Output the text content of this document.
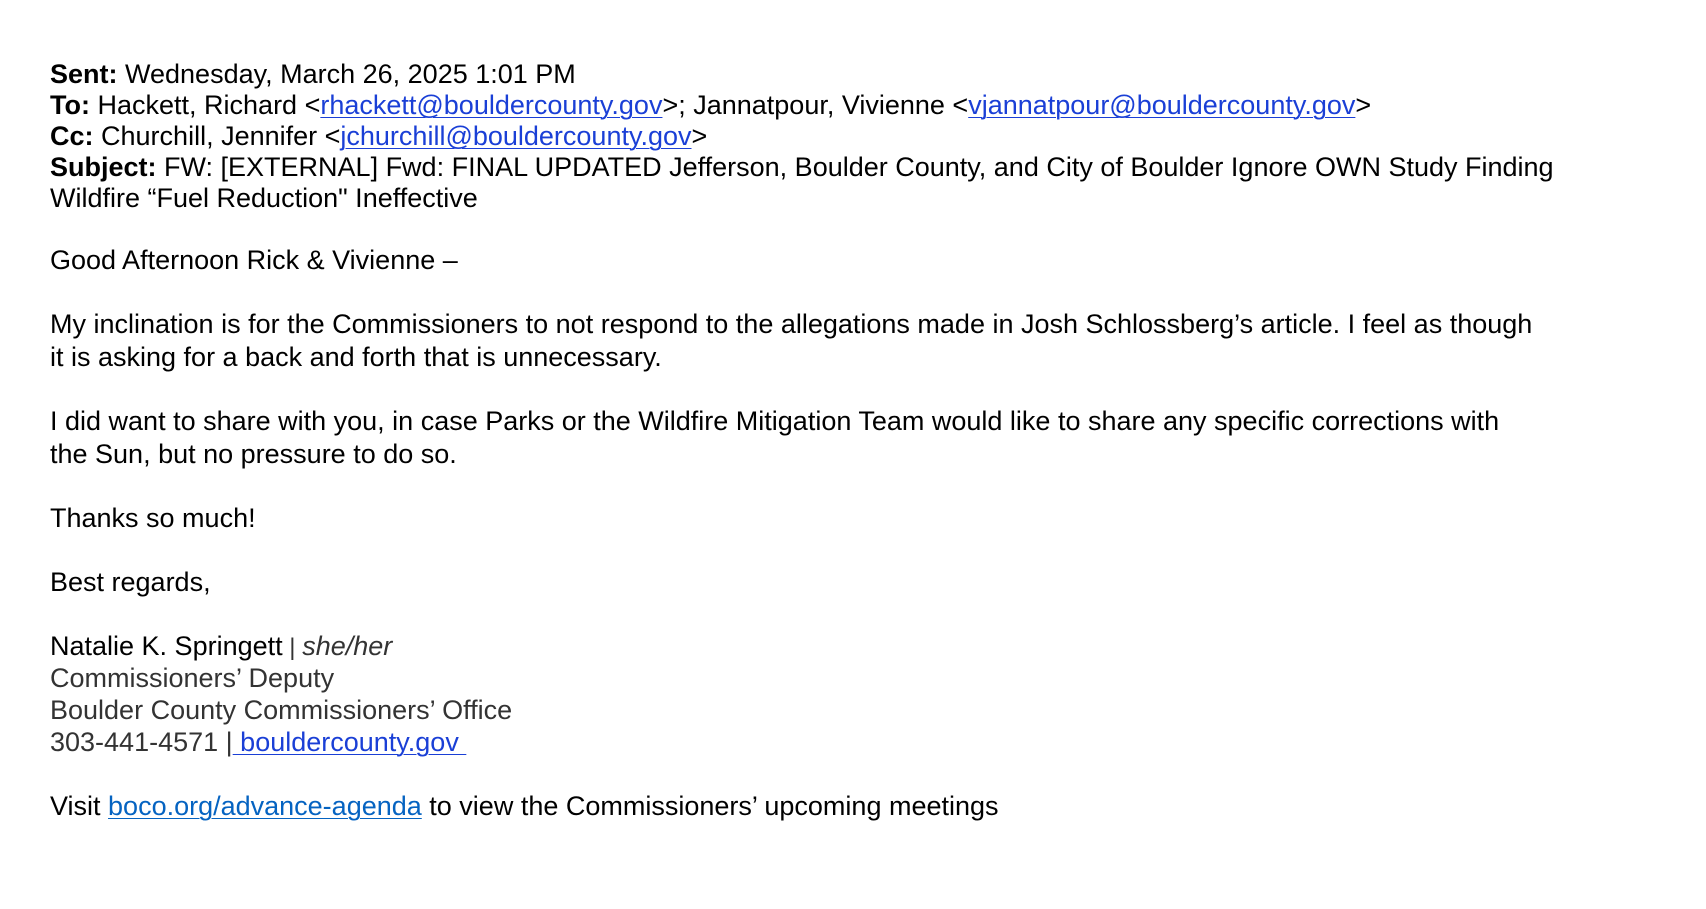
Sent: Wednesday, March 26, 2025 1:01 PM
To: Hackett, Richard <rhackett@bouldercounty.gov>; Jannatpour, Vivienne <vjannatpour@bouldercounty.gov>
Cc: Churchill, Jennifer <jchurchill@bouldercounty.gov>
Subject: FW: [EXTERNAL] Fwd: FINAL UPDATED Jefferson, Boulder County, and City of Boulder Ignore OWN Study Finding
Wildfire “Fuel Reduction" Ineffective
Good Afternoon Rick & Vivienne –
My inclination is for the Commissioners to not respond to the allegations made in Josh Schlossberg’s article. I feel as though
it is asking for a back and forth that is unnecessary.
I did want to share with you, in case Parks or the Wildfire Mitigation Team would like to share any specific corrections with
the Sun, but no pressure to do so.
Thanks so much!
Best regards,
Natalie K. Springett | she/her
Commissioners’ Deputy
Boulder County Commissioners’ Office
303-441-4571 | bouldercounty.gov
Visit boco.org/advance-agenda to view the Commissioners’ upcoming meetings
